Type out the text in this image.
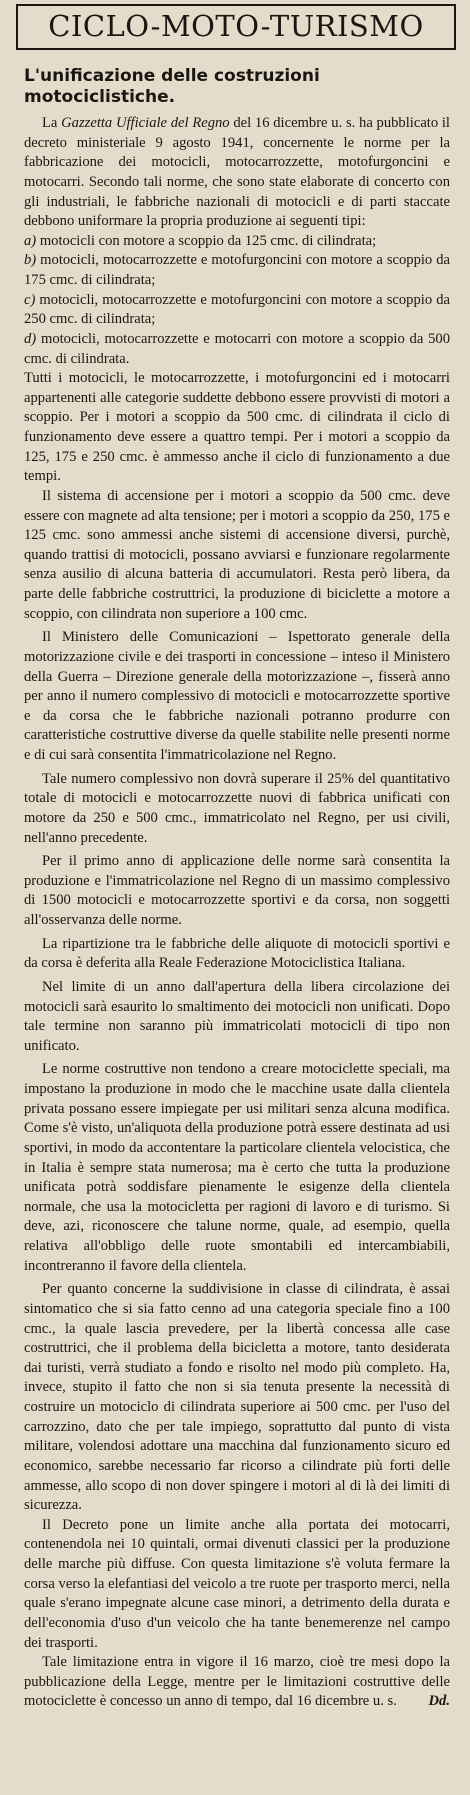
CICLO-MOTO-TURISMO
L'unificazione delle costruzioni motociclistiche.

La Gazzetta Ufficiale del Regno del 16 dicembre u. s. ha pubblicato il decreto ministeriale 9 agosto 1941, concernente le norme per la fabbricazione dei motocicli, motocarrozzette, motofurgoncini e motocarri. Secondo tali norme, che sono state elaborate di concerto con gli industriali, le fabbriche nazionali di motocicli e di parti staccate debbono uniformare la propria produzione ai seguenti tipi:

a) motocicli con motore a scoppio da 125 cmc. di cilindrata;

b) motocicli, motocarrozzette e motofurgoncini con motore a scoppio da 175 cmc. di cilindrata;

c) motocicli, motocarrozzette e motofurgoncini con motore a scoppio da 250 cmc. di cilindrata;

d) motocicli, motocarrozzette e motocarri con motore a scoppio da 500 cmc. di cilindrata.

Tutti i motocicli, le motocarrozzette, i motofurgoncini ed i motocarri appartenenti alle categorie suddette debbono essere provvisti di motori a scoppio. Per i motori a scoppio da 500 cmc. di cilindrata il ciclo di funzionamento deve essere a quattro tempi. Per i motori a scoppio da 125, 175 e 250 cmc. è ammesso anche il ciclo di funzionamento a due tempi.

Il sistema di accensione per i motori a scoppio da 500 cmc. deve essere con magnete ad alta tensione; per i motori a scoppio da 250, 175 e 125 cmc. sono ammessi anche sistemi di accensione diversi, purchè, quando trattisi di motocicli, possano avviarsi e funzionare regolarmente senza ausilio di alcuna batteria di accumulatori. Resta però libera, da parte delle fabbriche costruttrici, la produzione di biciclette a motore a scoppio, con cilindrata non superiore a 100 cmc.

Il Ministero delle Comunicazioni – Ispettorato generale della motorizzazione civile e dei trasporti in concessione – inteso il Ministero della Guerra – Direzione generale della motorizzazione –, fisserà anno per anno il numero complessivo di motocicli e motocarrozzette sportive e da corsa che le fabbriche nazionali potranno produrre con caratteristiche costruttive diverse da quelle stabilite nelle presenti norme e di cui sarà consentita l'immatricolazione nel Regno.

Tale numero complessivo non dovrà superare il 25% del quantitativo totale di motocicli e motocarrozzette nuovi di fabbrica unificati con motore da 250 e 500 cmc., immatricolato nel Regno, per usi civili, nell'anno precedente.

Per il primo anno di applicazione delle norme sarà consentita la produzione e l'immatricolazione nel Regno di un massimo complessivo di 1500 motocicli e motocarrozzette sportivi e da corsa, non soggetti all'osservanza delle norme.

La ripartizione tra le fabbriche delle aliquote di motocicli sportivi e da corsa è deferita alla Reale Federazione Motociclistica Italiana.

Nel limite di un anno dall'apertura della libera circolazione dei motocicli sarà esaurito lo smaltimento dei motocicli non unificati. Dopo tale termine non saranno più immatricolati motocicli di tipo non unificato.

Le norme costruttive non tendono a creare motociclette speciali, ma impostano la produzione in modo che le macchine usate dalla clientela privata possano essere impiegate per usi militari senza alcuna modifica. Come s'è visto, un'aliquota della produzione potrà essere destinata ad usi sportivi, in modo da accontentare la particolare clientela velocistica, che in Italia è sempre stata numerosa; ma è certo che tutta la produzione unificata potrà soddisfare pienamente le esigenze della clientela normale, che usa la motocicletta per ragioni di lavoro e di turismo. Si deve, azi, riconoscere che talune norme, quale, ad esempio, quella relativa all'obbligo delle ruote smontabili ed intercambiabili, incontreranno il favore della clientela.

Per quanto concerne la suddivisione in classe di cilindrata, è assai sintomatico che si sia fatto cenno ad una categoria speciale fino a 100 cmc., la quale lascia prevedere, per la libertà concessa alle case costruttrici, che il problema della bicicletta a motore, tanto desiderata dai turisti, verrà studiato a fondo e risolto nel modo più completo. Ha, invece, stupito il fatto che non si sia tenuta presente la necessità di costruire un motociclo di cilindrata superiore ai 500 cmc. per l'uso del carrozzino, dato che per tale impiego, soprattutto dal punto di vista militare, volendosi adottare una macchina dal funzionamento sicuro ed economico, sarebbe necessario far ricorso a cilindrate più forti delle ammesse, allo scopo di non dover spingere i motori al di là dei limiti di sicurezza.

Il Decreto pone un limite anche alla portata dei motocarri, contenendola nei 10 quintali, ormai divenuti classici per la produzione delle marche più diffuse. Con questa limitazione s'è voluta fermare la corsa verso la elefantiasi del veicolo a tre ruote per trasporto merci, nella quale s'erano impegnate alcune case minori, a detrimento della durata e dell'economia d'uso d'un veicolo che ha tante benemerenze nel campo dei trasporti.

Tale limitazione entra in vigore il 16 marzo, cioè tre mesi dopo la pubblicazione della Legge, mentre per le limitazioni costruttive delle motociclette è concesso un anno di tempo, dal 16 dicembre u. s.	Dd.
